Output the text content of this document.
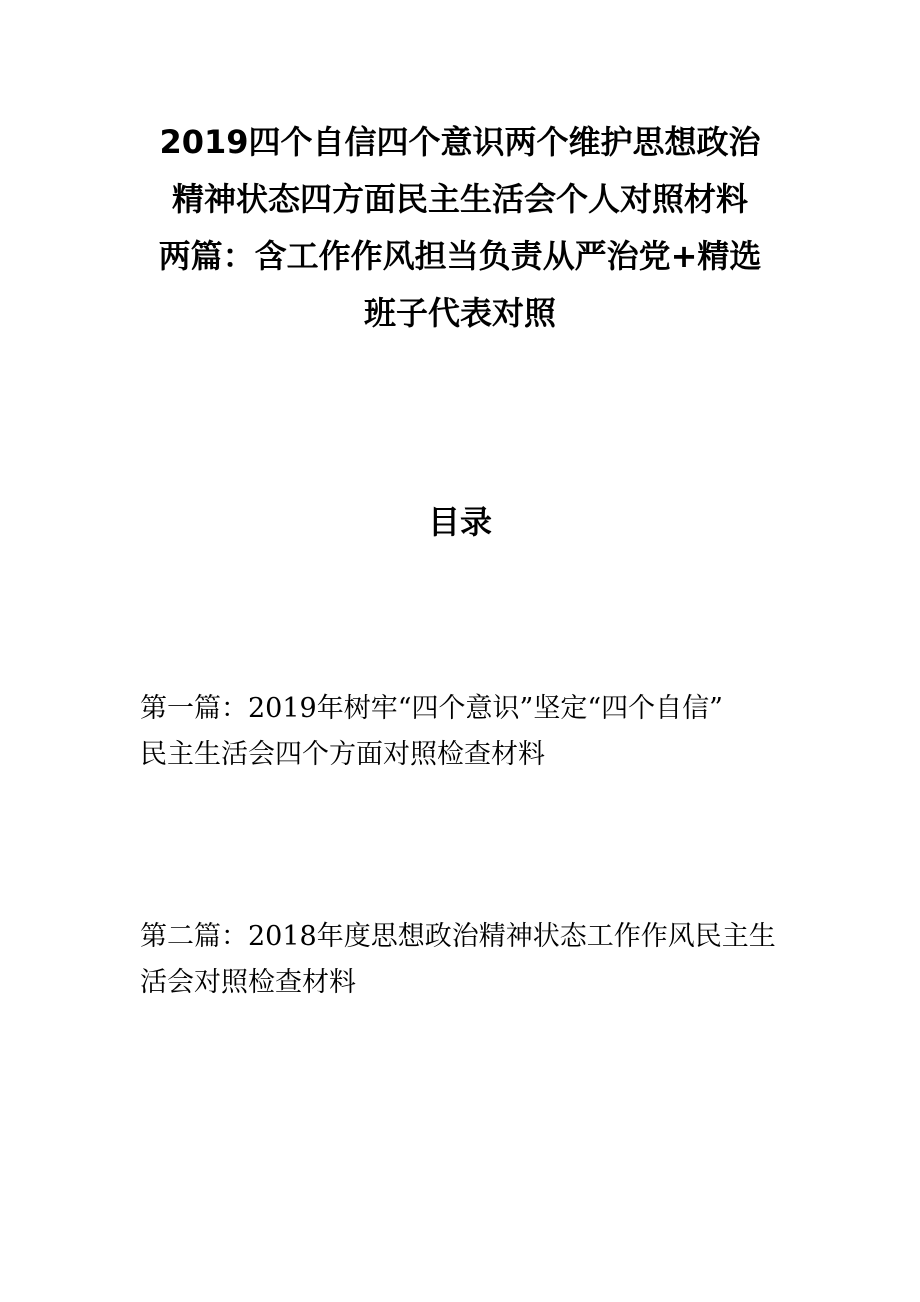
2019四个自信四个意识两个维护思想政治
精神状态四方面民主生活会个人对照材料
两篇：含工作作风担当负责从严治党+精选
班子代表对照
目录
第一篇：2019年树牢“四个意识”坚定“四个自信”
民主生活会四个方面对照检查材料
第二篇：2018年度思想政治精神状态工作作风民主生
活会对照检查材料
